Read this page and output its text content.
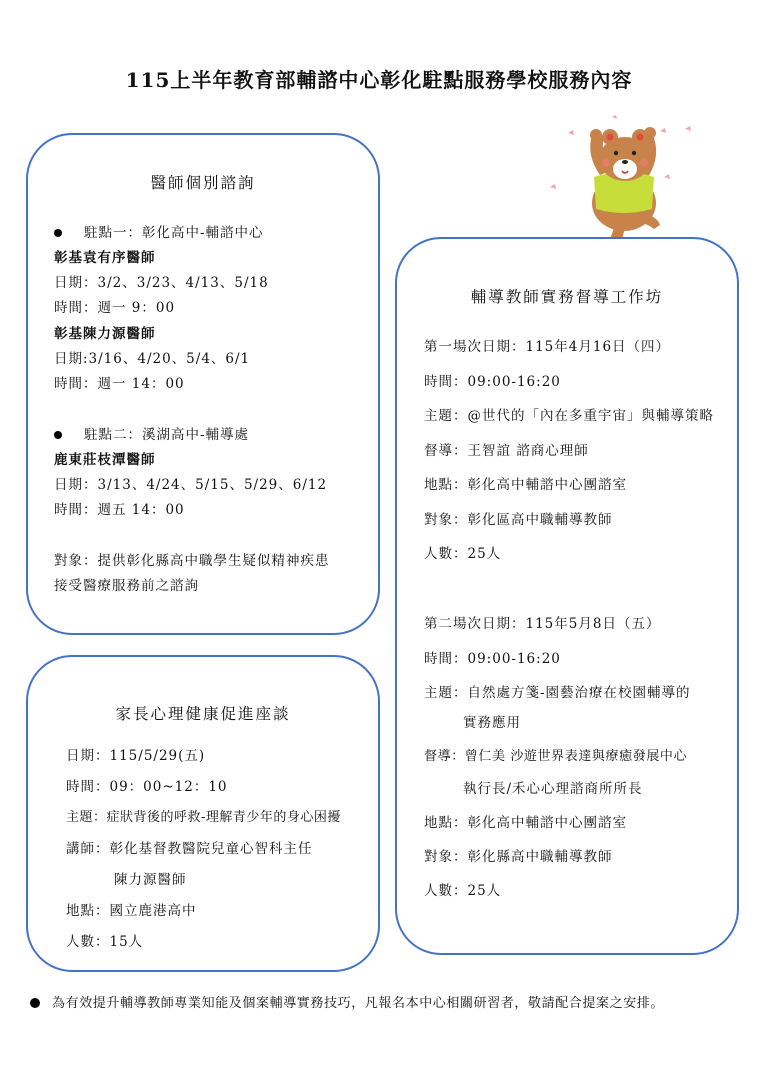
115上半年教育部輔諮中心彰化駐點服務學校服務內容
醫師個別諮詢
駐點一：彰化高中-輔諮中心
彰基袁有序醫師
日期：3/2、3/23、4/13、5/18
時間：週一 9：00
彰基陳力源醫師
日期:3/16、4/20、5/4、6/1
時間：週一 14：00
駐點二：溪湖高中-輔導處
鹿東莊枝潭醫師
日期：3/13、4/24、5/15、5/29、6/12
時間：週五 14：00
對象：提供彰化縣高中職學生疑似精神疾患
接受醫療服務前之諮詢
家長心理健康促進座談
日期：115/5/29(五)
時間：09：00~12：10
主題：症狀背後的呼救-理解青少年的身心困擾
講師：彰化基督教醫院兒童心智科主任
陳力源醫師
地點：國立鹿港高中
人數：15人
輔導教師實務督導工作坊
第一場次日期：115年4月16日（四）
時間：09:00-16:20
主題：@世代的「內在多重宇宙」與輔導策略
督導：王智誼 諮商心理師
地點：彰化高中輔諮中心團諮室
對象：彰化區高中職輔導教師
人數：25人
第二場次日期：115年5月8日（五）
時間：09:00-16:20
主題：自然處方箋-園藝治療在校園輔導的
實務應用
督導：曾仁美 沙遊世界表達與療癒發展中心
執行長/禾心心理諮商所所長
地點：彰化高中輔諮中心團諮室
對象：彰化縣高中職輔導教師
人數：25人
為有效提升輔導教師專業知能及個案輔導實務技巧，凡報名本中心相關研習者，敬請配合提案之安排。
